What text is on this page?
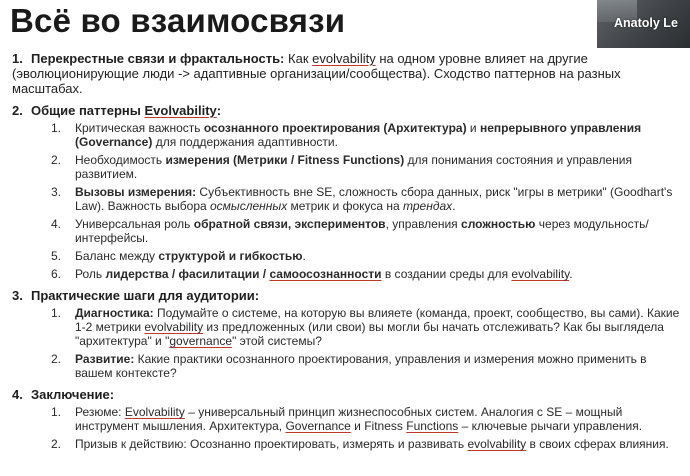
Всё во взаимосвязи	Anatoly Le
1. Перекрестные связи и фрактальность: Как evolvability на одном уровне влияет на другие (эволюционирующие люди -> адаптивные организации/сообщества). Сходство паттернов на разных масштабах.
2. Общие паттерны Evolvability:
1. Критическая важность осознанного проектирования (Архитектура) и непрерывного управления (Governance) для поддержания адаптивности.
2. Необходимость измерения (Метрики / Fitness Functions) для понимания состояния и управления развитием.
3. Вызовы измерения: Субъективность вне SE, сложность сбора данных, риск "игры в метрики" (Goodhart's Law). Важность выбора осмысленных метрик и фокуса на трендах.
4. Универсальная роль обратной связи, экспериментов, управления сложностью через модульность/интерфейсы.
5. Баланс между структурой и гибкостью.
6. Роль лидерства / фасилитации / самоосознанности в создании среды для evolvability.
3. Практические шаги для аудитории:
1. Диагностика: Подумайте о системе, на которую вы влияете (команда, проект, сообщество, вы сами). Какие 1-2 метрики evolvability из предложенных (или свои) вы могли бы начать отслеживать? Как бы выглядела "архитектура" и "governance" этой системы?
2. Развитие: Какие практики осознанного проектирования, управления и измерения можно применить в вашем контексте?
4. Заключение:
1. Резюме: Evolvability – универсальный принцип жизнеспособных систем. Аналогия с SE – мощный инструмент мышления. Архитектура, Governance и Fitness Functions – ключевые рычаги управления.
2. Призыв к действию: Осознанно проектировать, измерять и развивать evolvability в своих сферах влияния.
